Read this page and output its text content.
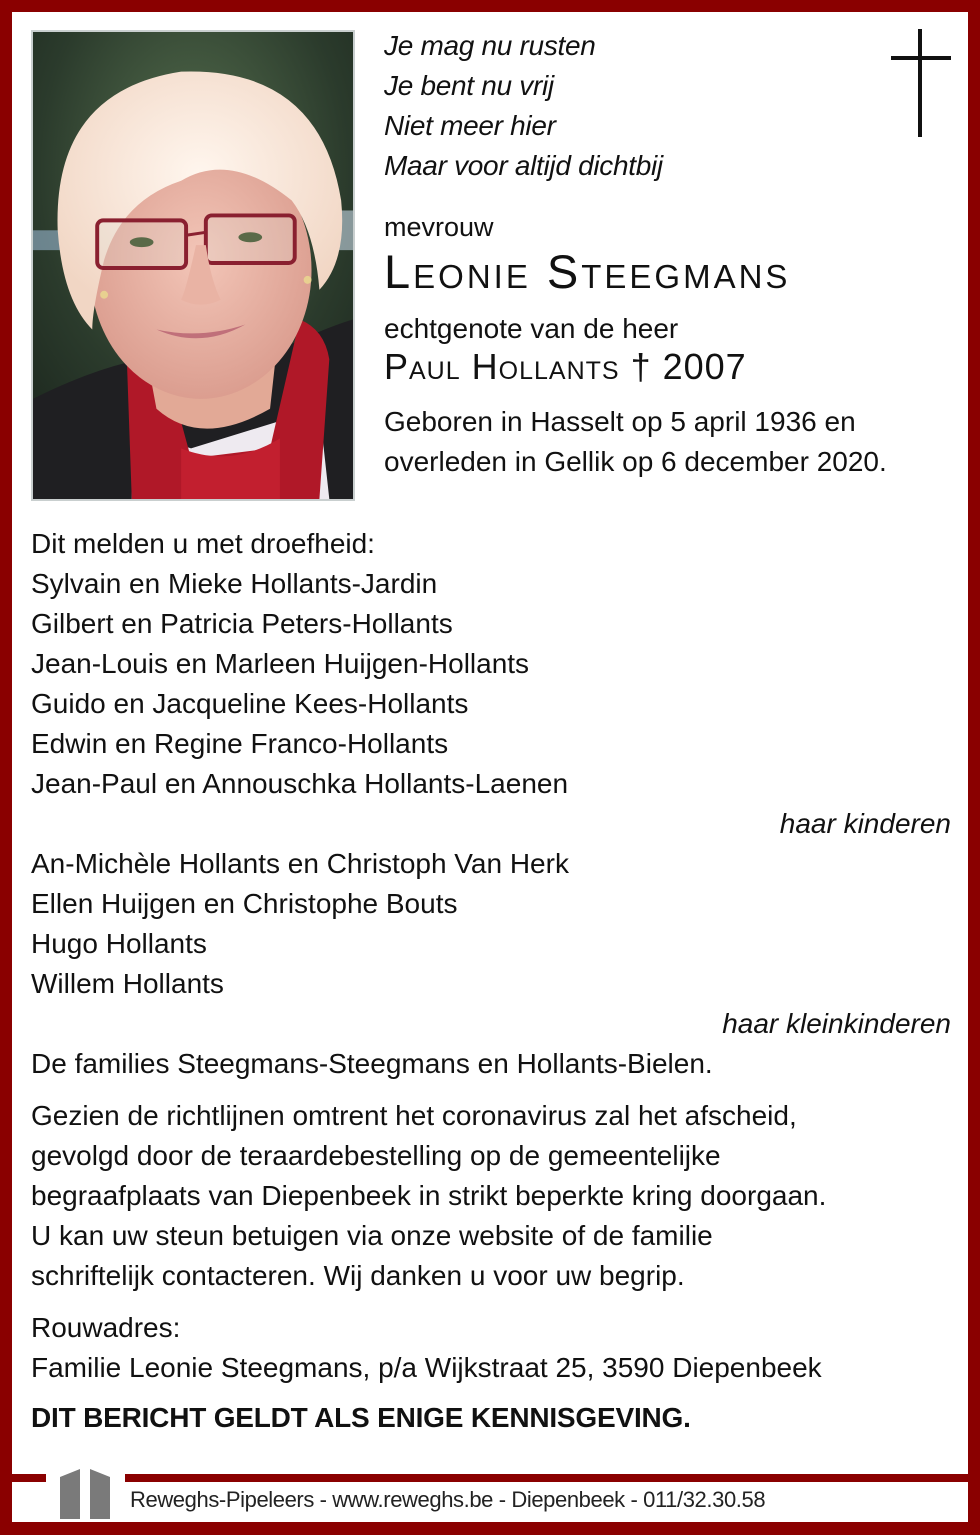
Je mag nu rusten
Je bent nu vrij
Niet meer hier
Maar voor altijd dichtbij
mevrouw
Leonie Steegmans
echtgenote van de heer
Paul Hollants † 2007
Geboren in Hasselt op 5 april 1936 en
overleden in Gellik op 6 december 2020.
Dit melden u met droefheid:
Sylvain en Mieke Hollants-Jardin
Gilbert en Patricia Peters-Hollants
Jean-Louis en Marleen Huijgen-Hollants
Guido en Jacqueline Kees-Hollants
Edwin en Regine Franco-Hollants
Jean-Paul en Annouschka Hollants-Laenen
haar kinderen
An-Michèle Hollants en Christoph Van Herk
Ellen Huijgen en Christophe Bouts
Hugo Hollants
Willem Hollants
haar kleinkinderen
De families Steegmans-Steegmans en Hollants-Bielen.
Gezien de richtlijnen omtrent het coronavirus zal het afscheid,
gevolgd door de teraardebestelling op de gemeentelijke
begraafplaats van Diepenbeek in strikt beperkte kring doorgaan.
U kan uw steun betuigen via onze website of de familie
schriftelijk contacteren. Wij danken u voor uw begrip.
Rouwadres:
Familie Leonie Steegmans, p/a Wijkstraat 25, 3590 Diepenbeek
DIT BERICHT GELDT ALS ENIGE KENNISGEVING.
Reweghs-Pipeleers - www.reweghs.be - Diepenbeek - 011/32.30.58
